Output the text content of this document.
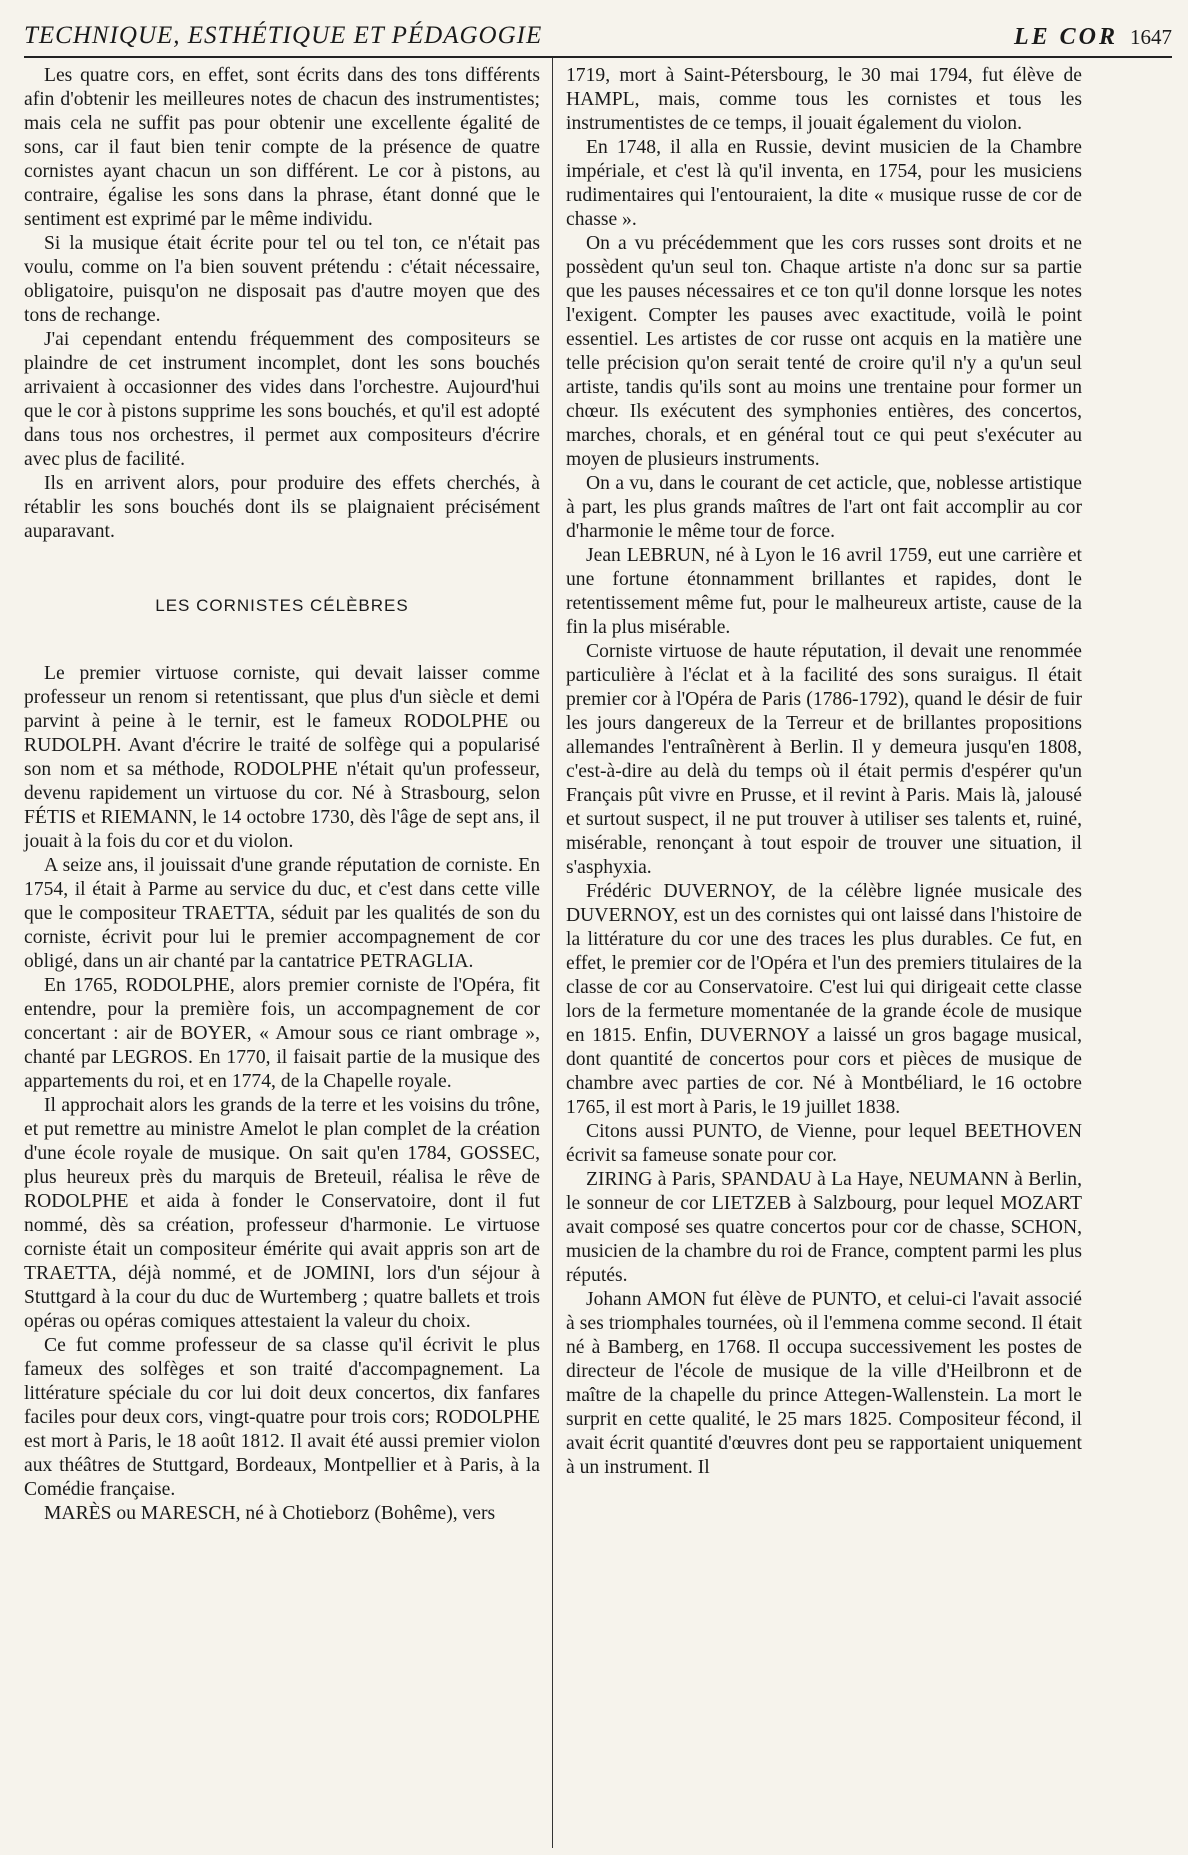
TECHNIQUE, ESTHÉTIQUE ET PÉDAGOGIE	LE COR 1647

Les quatre cors, en effet, sont écrits dans des tons différents afin d'obtenir les meilleures notes de chacun des instrumentistes; mais cela ne suffit pas pour obtenir une excellente égalité de sons, car il faut bien tenir compte de la présence de quatre cornistes ayant chacun un son différent. Le cor à pistons, au contraire, égalise les sons dans la phrase, étant donné que le sentiment est exprimé par le même individu.

Si la musique était écrite pour tel ou tel ton, ce n'était pas voulu, comme on l'a bien souvent prétendu : c'était nécessaire, obligatoire, puisqu'on ne disposait pas d'autre moyen que des tons de rechange.

J'ai cependant entendu fréquemment des compositeurs se plaindre de cet instrument incomplet, dont les sons bouchés arrivaient à occasionner des vides dans l'orchestre. Aujourd'hui que le cor à pistons supprime les sons bouchés, et qu'il est adopté dans tous nos orchestres, il permet aux compositeurs d'écrire avec plus de facilité.

Ils en arrivent alors, pour produire des effets cherchés, à rétablir les sons bouchés dont ils se plaignaient précisément auparavant.

LES CORNISTES CÉLÈBRES

Le premier virtuose corniste, qui devait laisser comme professeur un renom si retentissant, que plus d'un siècle et demi parvint à peine à le ternir, est le fameux RODOLPHE ou RUDOLPH. Avant d'écrire le traité de solfège qui a popularisé son nom et sa méthode, RODOLPHE n'était qu'un professeur, devenu rapidement un virtuose du cor. Né à Strasbourg, selon FÉTIS et RIEMANN, le 14 octobre 1730, dès l'âge de sept ans, il jouait à la fois du cor et du violon.

A seize ans, il jouissait d'une grande réputation de corniste. En 1754, il était à Parme au service du duc, et c'est dans cette ville que le compositeur TRAETTA, séduit par les qualités de son du corniste, écrivit pour lui le premier accompagnement de cor obligé, dans un air chanté par la cantatrice PETRAGLIA.

En 1765, RODOLPHE, alors premier corniste de l'Opéra, fit entendre, pour la première fois, un accompagnement de cor concertant : air de BOYER, « Amour sous ce riant ombrage », chanté par LEGROS. En 1770, il faisait partie de la musique des appartements du roi, et en 1774, de la Chapelle royale.

Il approchait alors les grands de la terre et les voisins du trône, et put remettre au ministre Amelot le plan complet de la création d'une école royale de musique. On sait qu'en 1784, GOSSEC, plus heureux près du marquis de Breteuil, réalisa le rêve de RODOLPHE et aida à fonder le Conservatoire, dont il fut nommé, dès sa création, professeur d'harmonie. Le virtuose corniste était un compositeur émérite qui avait appris son art de TRAETTA, déjà nommé, et de JOMINI, lors d'un séjour à Stuttgard à la cour du duc de Wurtemberg ; quatre ballets et trois opéras ou opéras comiques attestaient la valeur du choix.

Ce fut comme professeur de sa classe qu'il écrivit le plus fameux des solfèges et son traité d'accompagnement. La littérature spéciale du cor lui doit deux concertos, dix fanfares faciles pour deux cors, vingt-quatre pour trois cors; RODOLPHE est mort à Paris, le 18 août 1812. Il avait été aussi premier violon aux théâtres de Stuttgard, Bordeaux, Montpellier et à Paris, à la Comédie française.

MARÈS ou MARESCH, né à Chotieborz (Bohême), vers

1719, mort à Saint-Pétersbourg, le 30 mai 1794, fut élève de HAMPL, mais, comme tous les cornistes et tous les instrumentistes de ce temps, il jouait également du violon.

En 1748, il alla en Russie, devint musicien de la Chambre impériale, et c'est là qu'il inventa, en 1754, pour les musiciens rudimentaires qui l'entouraient, la dite « musique russe de cor de chasse ».

On a vu précédemment que les cors russes sont droits et ne possèdent qu'un seul ton. Chaque artiste n'a donc sur sa partie que les pauses nécessaires et ce ton qu'il donne lorsque les notes l'exigent. Compter les pauses avec exactitude, voilà le point essentiel. Les artistes de cor russe ont acquis en la matière une telle précision qu'on serait tenté de croire qu'il n'y a qu'un seul artiste, tandis qu'ils sont au moins une trentaine pour former un chœur. Ils exécutent des symphonies entières, des concertos, marches, chorals, et en général tout ce qui peut s'exécuter au moyen de plusieurs instruments.

On a vu, dans le courant de cet acticle, que, noblesse artistique à part, les plus grands maîtres de l'art ont fait accomplir au cor d'harmonie le même tour de force.

Jean LEBRUN, né à Lyon le 16 avril 1759, eut une carrière et une fortune étonnamment brillantes et rapides, dont le retentissement même fut, pour le malheureux artiste, cause de la fin la plus misérable.

Corniste virtuose de haute réputation, il devait une renommée particulière à l'éclat et à la facilité des sons suraigus. Il était premier cor à l'Opéra de Paris (1786-1792), quand le désir de fuir les jours dangereux de la Terreur et de brillantes propositions allemandes l'entraînèrent à Berlin. Il y demeura jusqu'en 1808, c'est-à-dire au delà du temps où il était permis d'espérer qu'un Français pût vivre en Prusse, et il revint à Paris. Mais là, jalousé et surtout suspect, il ne put trouver à utiliser ses talents et, ruiné, misérable, renonçant à tout espoir de trouver une situation, il s'asphyxia.

Frédéric DUVERNOY, de la célèbre lignée musicale des DUVERNOY, est un des cornistes qui ont laissé dans l'histoire de la littérature du cor une des traces les plus durables. Ce fut, en effet, le premier cor de l'Opéra et l'un des premiers titulaires de la classe de cor au Conservatoire. C'est lui qui dirigeait cette classe lors de la fermeture momentanée de la grande école de musique en 1815. Enfin, DUVERNOY a laissé un gros bagage musical, dont quantité de concertos pour cors et pièces de musique de chambre avec parties de cor. Né à Montbéliard, le 16 octobre 1765, il est mort à Paris, le 19 juillet 1838.

Citons aussi PUNTO, de Vienne, pour lequel BEETHOVEN écrivit sa fameuse sonate pour cor.

ZIRING à Paris, SPANDAU à La Haye, NEUMANN à Berlin, le sonneur de cor LIETZEB à Salzbourg, pour lequel MOZART avait composé ses quatre concertos pour cor de chasse, SCHON, musicien de la chambre du roi de France, comptent parmi les plus réputés.

Johann AMON fut élève de PUNTO, et celui-ci l'avait associé à ses triomphales tournées, où il l'emmena comme second. Il était né à Bamberg, en 1768. Il occupa successivement les postes de directeur de l'école de musique de la ville d'Heilbronn et de maître de la chapelle du prince Attegen-Wallenstein. La mort le surprit en cette qualité, le 25 mars 1825. Compositeur fécond, il avait écrit quantité d'œuvres dont peu se rapportaient uniquement à un instrument. Il
